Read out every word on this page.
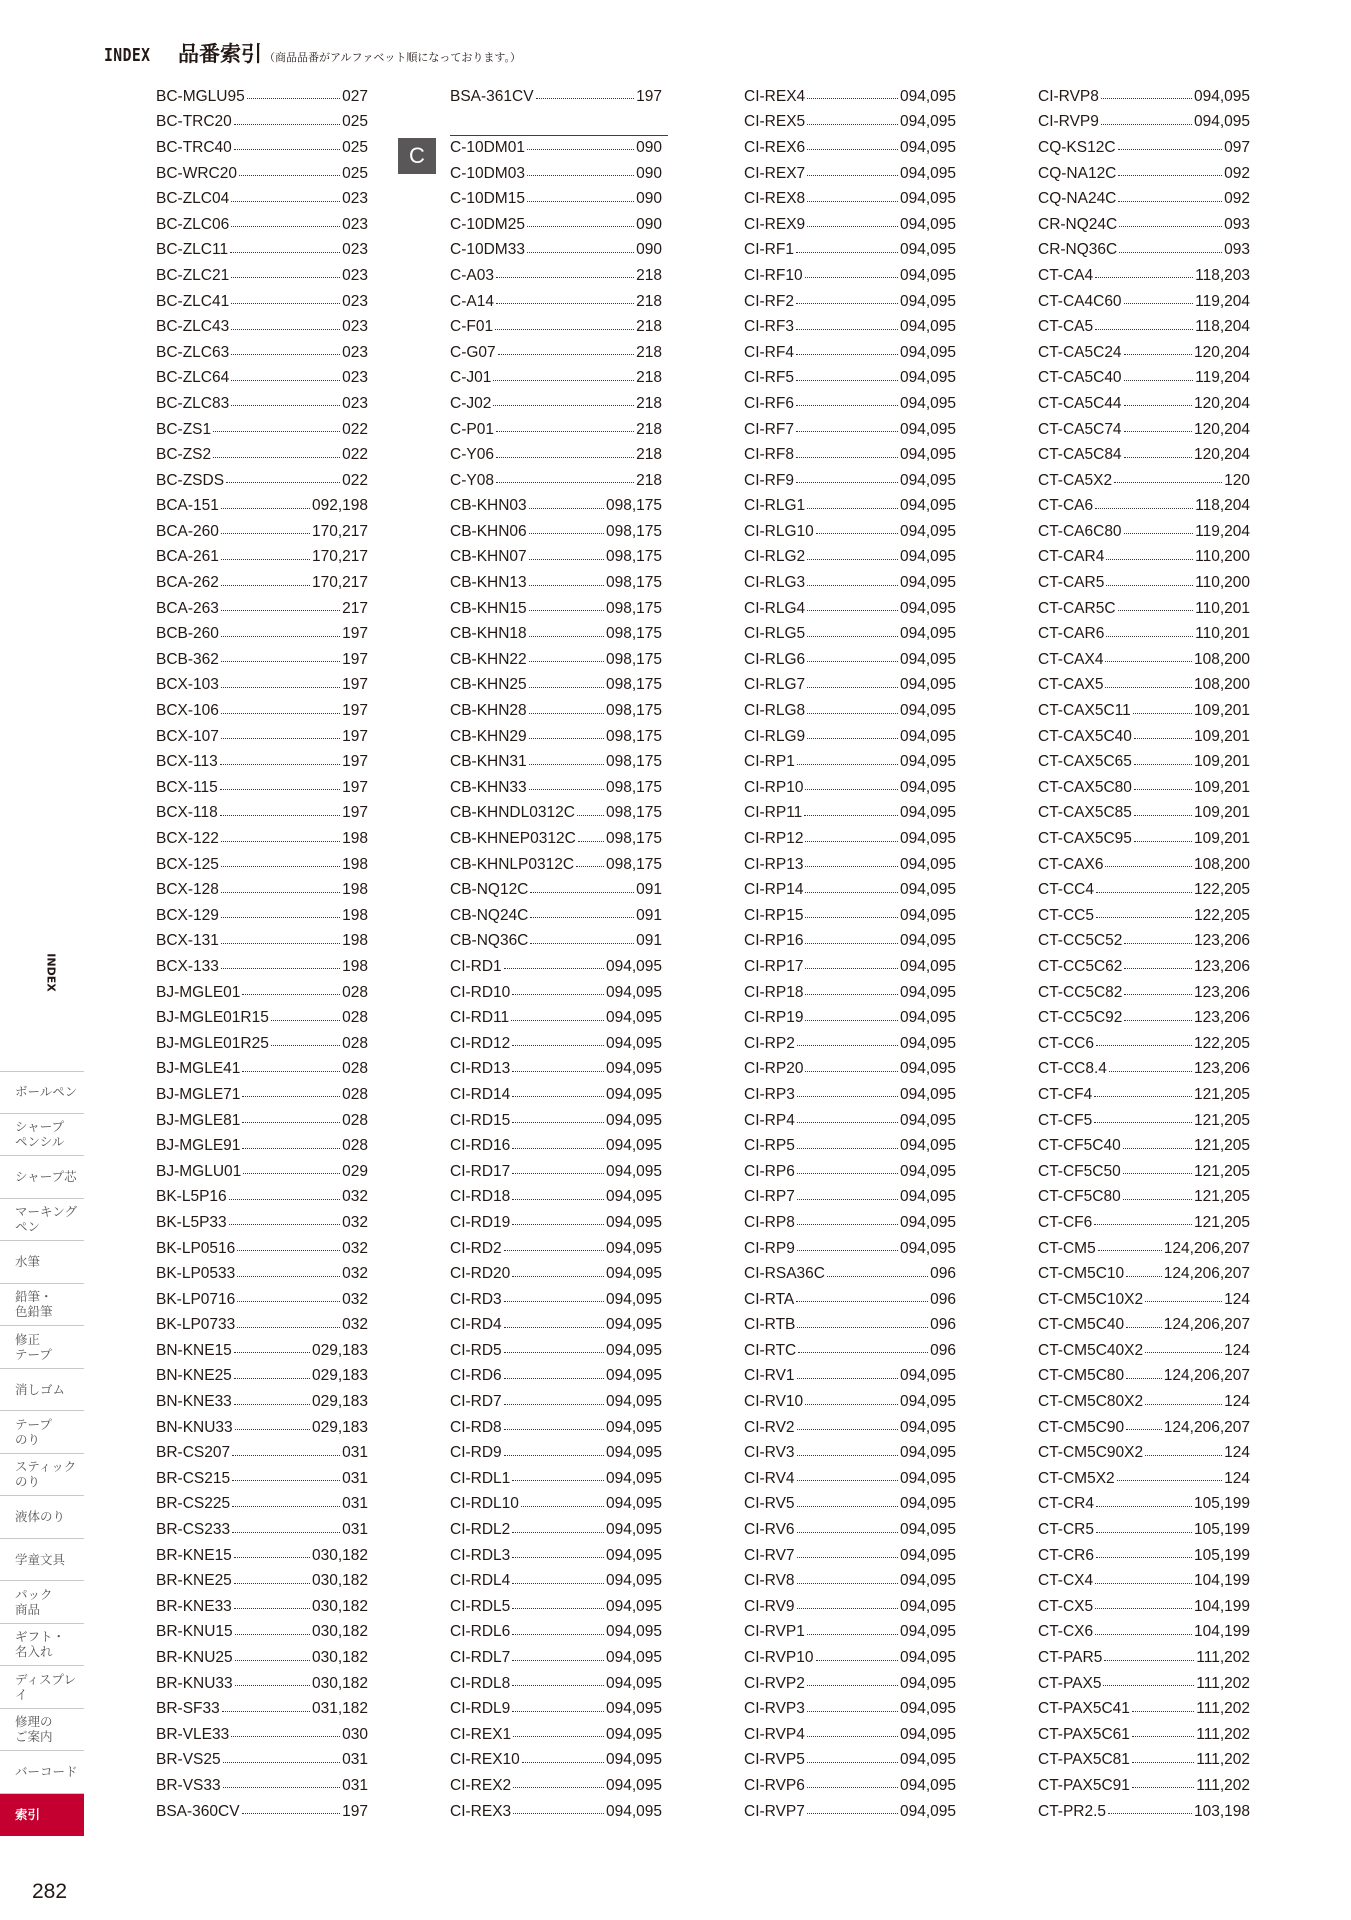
INDEX	品番索引 （商品品番がアルファベット順になっております。）
BC-MGLU95	027
BC-TRC20	025
BC-TRC40	025
BC-WRC20	025
BC-ZLC04	023
BC-ZLC06	023
BC-ZLC11	023
BC-ZLC21	023
BC-ZLC41	023
BC-ZLC43	023
BC-ZLC63	023
BC-ZLC64	023
BC-ZLC83	023
BC-ZS1	022
BC-ZS2	022
BC-ZSDS	022
BCA-151	092,198
BCA-260	170,217
BCA-261	170,217
BCA-262	170,217
BCA-263	217
BCB-260	197
BCB-362	197
BCX-103	197
BCX-106	197
BCX-107	197
BCX-113	197
BCX-115	197
BCX-118	197
BCX-122	198
BCX-125	198
BCX-128	198
BCX-129	198
BCX-131	198
BCX-133	198
BJ-MGLE01	028
BJ-MGLE01R15	028
BJ-MGLE01R25	028
BJ-MGLE41	028
BJ-MGLE71	028
BJ-MGLE81	028
BJ-MGLE91	028
BJ-MGLU01	029
BK-L5P16	032
BK-L5P33	032
BK-LP0516	032
BK-LP0533	032
BK-LP0716	032
BK-LP0733	032
BN-KNE15	029,183
BN-KNE25	029,183
BN-KNE33	029,183
BN-KNU33	029,183
BR-CS207	031
BR-CS215	031
BR-CS225	031
BR-CS233	031
BR-KNE15	030,182
BR-KNE25	030,182
BR-KNE33	030,182
BR-KNU15	030,182
BR-KNU25	030,182
BR-KNU33	030,182
BR-SF33	031,182
BR-VLE33	030
BR-VS25	031
BR-VS33	031
BSA-360CV	197
BSA-361CV	197
C-10DM01	090
C-10DM03	090
C-10DM15	090
C-10DM25	090
C-10DM33	090
C-A03	218
C-A14	218
C-F01	218
C-G07	218
C-J01	218
C-J02	218
C-P01	218
C-Y06	218
C-Y08	218
CB-KHN03	098,175
CB-KHN06	098,175
CB-KHN07	098,175
CB-KHN13	098,175
CB-KHN15	098,175
CB-KHN18	098,175
CB-KHN22	098,175
CB-KHN25	098,175
CB-KHN28	098,175
CB-KHN29	098,175
CB-KHN31	098,175
CB-KHN33	098,175
CB-KHNDL0312C 098,175
CB-KHNEP0312C 098,175
CB-KHNLP0312C 098,175
CB-NQ12C	091
CB-NQ24C	091
CB-NQ36C	091
CI-RD1	094,095
CI-RD10	094,095
CI-RD11	094,095
CI-RD12	094,095
CI-RD13	094,095
CI-RD14	094,095
CI-RD15	094,095
CI-RD16	094,095
CI-RD17	094,095
CI-RD18	094,095
CI-RD19	094,095
CI-RD2	094,095
CI-RD20	094,095
CI-RD3	094,095
CI-RD4	094,095
CI-RD5	094,095
CI-RD6	094,095
CI-RD7	094,095
CI-RD8	094,095
CI-RD9	094,095
CI-RDL1	094,095
CI-RDL10	094,095
CI-RDL2	094,095
CI-RDL3	094,095
CI-RDL4	094,095
CI-RDL5	094,095
CI-RDL6	094,095
CI-RDL7	094,095
CI-RDL8	094,095
CI-RDL9	094,095
CI-REX1	094,095
CI-REX10	094,095
CI-REX2	094,095
CI-REX3	094,095
CI-REX4	094,095
CI-REX5	094,095
CI-REX6	094,095
CI-REX7	094,095
CI-REX8	094,095
CI-REX9	094,095
CI-RF1	094,095
CI-RF10	094,095
CI-RF2	094,095
CI-RF3	094,095
CI-RF4	094,095
CI-RF5	094,095
CI-RF6	094,095
CI-RF7	094,095
CI-RF8	094,095
CI-RF9	094,095
CI-RLG1	094,095
CI-RLG10	094,095
CI-RLG2	094,095
CI-RLG3	094,095
CI-RLG4	094,095
CI-RLG5	094,095
CI-RLG6	094,095
CI-RLG7	094,095
CI-RLG8	094,095
CI-RLG9	094,095
CI-RP1	094,095
CI-RP10	094,095
CI-RP11	094,095
CI-RP12	094,095
CI-RP13	094,095
CI-RP14	094,095
CI-RP15	094,095
CI-RP16	094,095
CI-RP17	094,095
CI-RP18	094,095
CI-RP19	094,095
CI-RP2	094,095
CI-RP20	094,095
CI-RP3	094,095
CI-RP4	094,095
CI-RP5	094,095
CI-RP6	094,095
CI-RP7	094,095
CI-RP8	094,095
CI-RP9	094,095
CI-RSA36C	096
CI-RTA	096
CI-RTB	096
CI-RTC	096
CI-RV1	094,095
CI-RV10	094,095
CI-RV2	094,095
CI-RV3	094,095
CI-RV4	094,095
CI-RV5	094,095
CI-RV6	094,095
CI-RV7	094,095
CI-RV8	094,095
CI-RV9	094,095
CI-RVP1	094,095
CI-RVP10	094,095
CI-RVP2	094,095
CI-RVP3	094,095
CI-RVP4	094,095
CI-RVP5	094,095
CI-RVP6	094,095
CI-RVP7	094,095
CI-RVP8	094,095
CI-RVP9	094,095
CQ-KS12C	097
CQ-NA12C	092
CQ-NA24C	092
CR-NQ24C	093
CR-NQ36C	093
CT-CA4	118,203
CT-CA4C60	119,204
CT-CA5	118,204
CT-CA5C24	120,204
CT-CA5C40	119,204
CT-CA5C44	120,204
CT-CA5C74	120,204
CT-CA5C84	120,204
CT-CA5X2	120
CT-CA6	118,204
CT-CA6C80	119,204
CT-CAR4	110,200
CT-CAR5	110,200
CT-CAR5C	110,201
CT-CAR6	110,201
CT-CAX4	108,200
CT-CAX5	108,200
CT-CAX5C11	109,201
CT-CAX5C40	109,201
CT-CAX5C65	109,201
CT-CAX5C80	109,201
CT-CAX5C85	109,201
CT-CAX5C95	109,201
CT-CAX6	108,200
CT-CC4	122,205
CT-CC5	122,205
CT-CC5C52	123,206
CT-CC5C62	123,206
CT-CC5C82	123,206
CT-CC5C92	123,206
CT-CC6	122,205
CT-CC8.4	123,206
CT-CF4	121,205
CT-CF5	121,205
CT-CF5C40	121,205
CT-CF5C50	121,205
CT-CF5C80	121,205
CT-CF6	121,205
CT-CM5	124,206,207
CT-CM5C10	124,206,207
CT-CM5C10X2	124
CT-CM5C40	124,206,207
CT-CM5C40X2	124
CT-CM5C80	124,206,207
CT-CM5C80X2	124
CT-CM5C90	124,206,207
CT-CM5C90X2	124
CT-CM5X2	124
CT-CR4	105,199
CT-CR5	105,199
CT-CR6	105,199
CT-CX4	104,199
CT-CX5	104,199
CT-CX6	104,199
CT-PAR5	111,202
CT-PAX5	111,202
CT-PAX5C41	111,202
CT-PAX5C61	111,202
CT-PAX5C81	111,202
CT-PAX5C91	111,202
CT-PR2.5	103,198
C
INDEX
ボールペン
シャープ
ペンシル
シャープ芯
マーキング
ペン
水筆
鉛筆・
色鉛筆
修正
テープ
消しゴム
テープ
のり
スティック
のり
液体のり
学童文具
パック
商品
ギフト・
名入れ
ディスプレイ
修理の
ご案内
バーコード
索引
282
